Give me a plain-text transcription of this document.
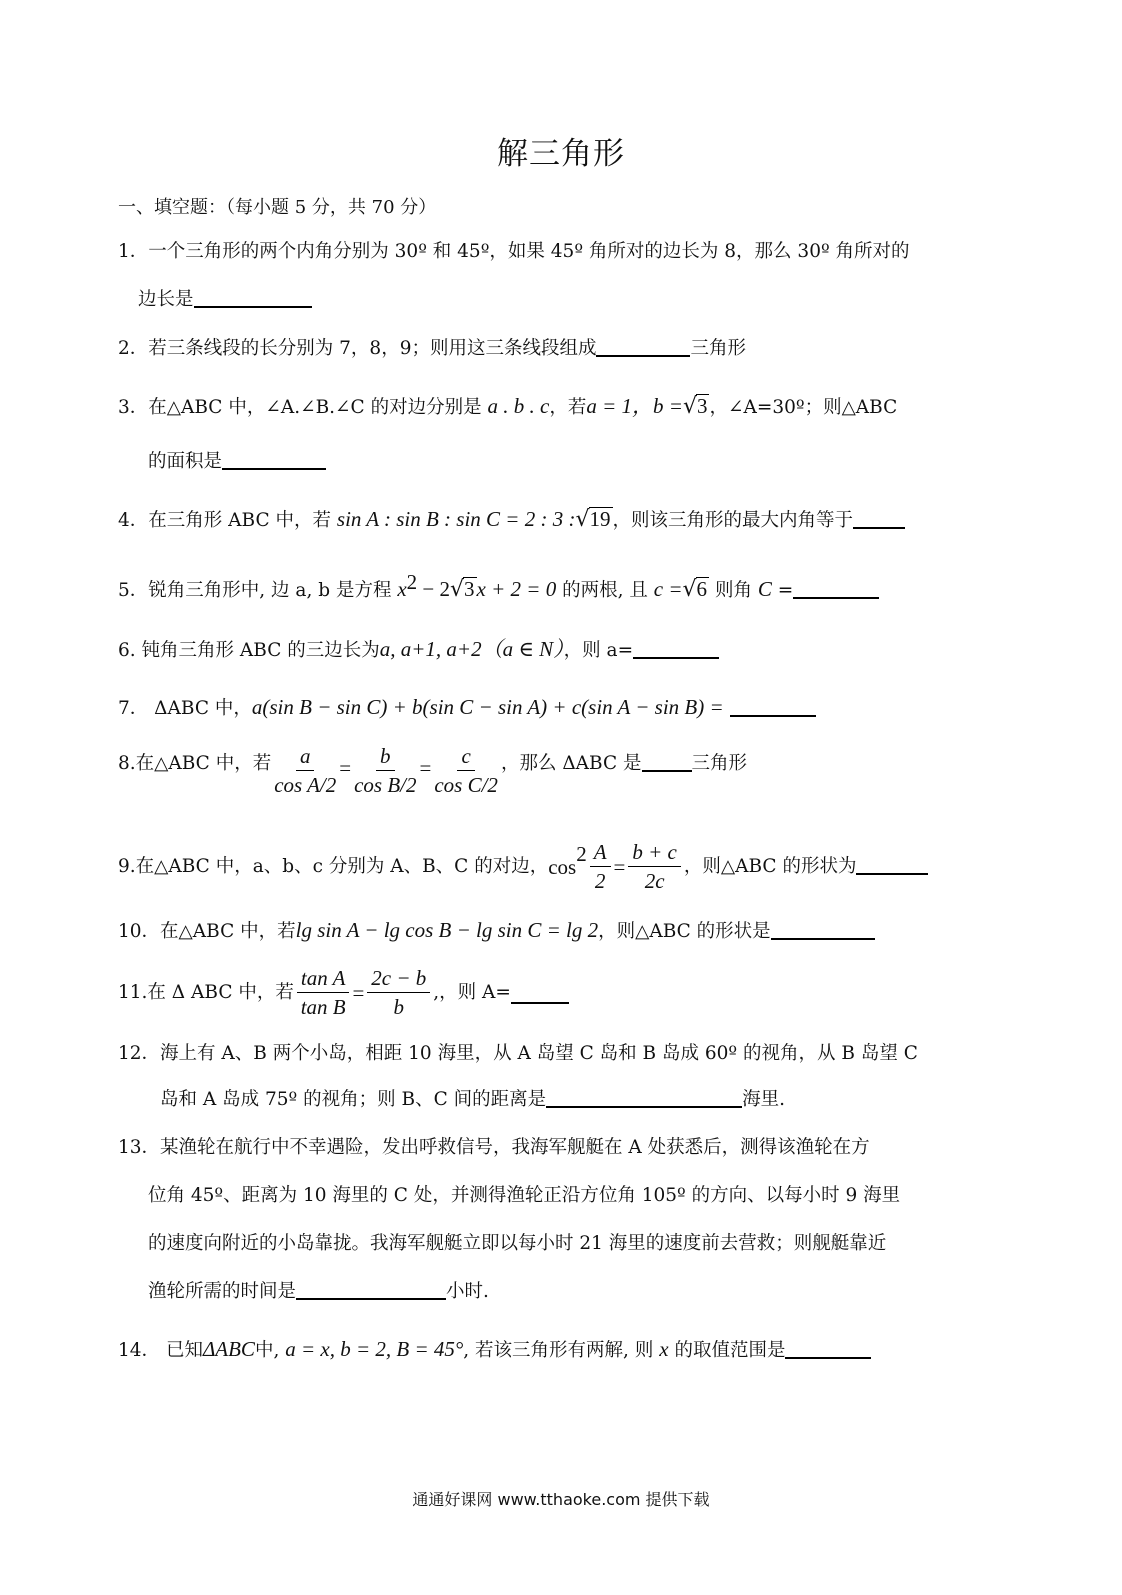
解三角形
一、填空题：（每小题 5 分，共 70 分）
1．一个三角形的两个内角分别为 30º 和 45º，如果 45º 角所对的边长为 8，那么 30º 角所对的
边长是
2．若三条线段的长分别为 7，8，9；则用这三条线段组成	三角形
3．在△ABC 中，∠A.∠B.∠C 的对边分别是 a . b . c，若a = 1，b =√3 ，∠A=30º；则△ABC
的面积是
4．在三角形 ABC 中，若 sin A : sin B : sin C = 2 : 3 :√19 ，则该三角形的最大内角等于
5．锐角三角形中, 边 a, b 是方程 $x^2 - 2√3x + 2 = 0$ 的两根, 且 c =√6 则角 C =
6. 钝角三角形 ABC 的三边长为a, a+1, a+2（a ∈ N），则 a=
7． ΔABC 中，a(sin B − sin C) + b(sin C − sin A) + c(sin A − sin B) =
8. 在△ABC 中，若 $\frac{a}{\text{cos A/2}} = \frac{b}{\text{cos B/2}} = \frac{c}{\text{cos C/2}}$ ，那么 ΔABC 是	三角形
9. 在△ABC 中，a、b、c 分别为 A、B、C 的对边， cos
$2 \frac{A}{2} = \frac{b + c}{2c}$ ，则△ABC 的形状为
10．在△ABC 中，若lg sin A − lg cos B − lg sin C = lg 2，则△ABC 的形状是
11. 在 Δ ABC 中，若 $\frac{\text{tan A}}{\text{tan B}} = \frac{2c - b}{b}$ ,，则 A=
12．海上有 A、B 两个小岛，相距 10 海里，从 A 岛望 C 岛和 B 岛成 60º 的视角，从 B 岛望 C
岛和 A 岛成 75º 的视角；则 B、C 间的距离是	海里.
13．某渔轮在航行中不幸遇险，发出呼救信号，我海军舰艇在 A 处获悉后，测得该渔轮在方
位角 45º、距离为 10 海里的 C 处，并测得渔轮正沿方位角 105º 的方向、以每小时 9 海里
的速度向附近的小岛靠拢。我海军舰艇立即以每小时 21 海里的速度前去营救；则舰艇靠近
渔轮所需的时间是	小时.
14． 已知ΔABC中, a = x, b = 2, B = 45°, 若该三角形有两解, 则 x 的取值范围是
通通好课网 www.tthaoke.com 提供下载
